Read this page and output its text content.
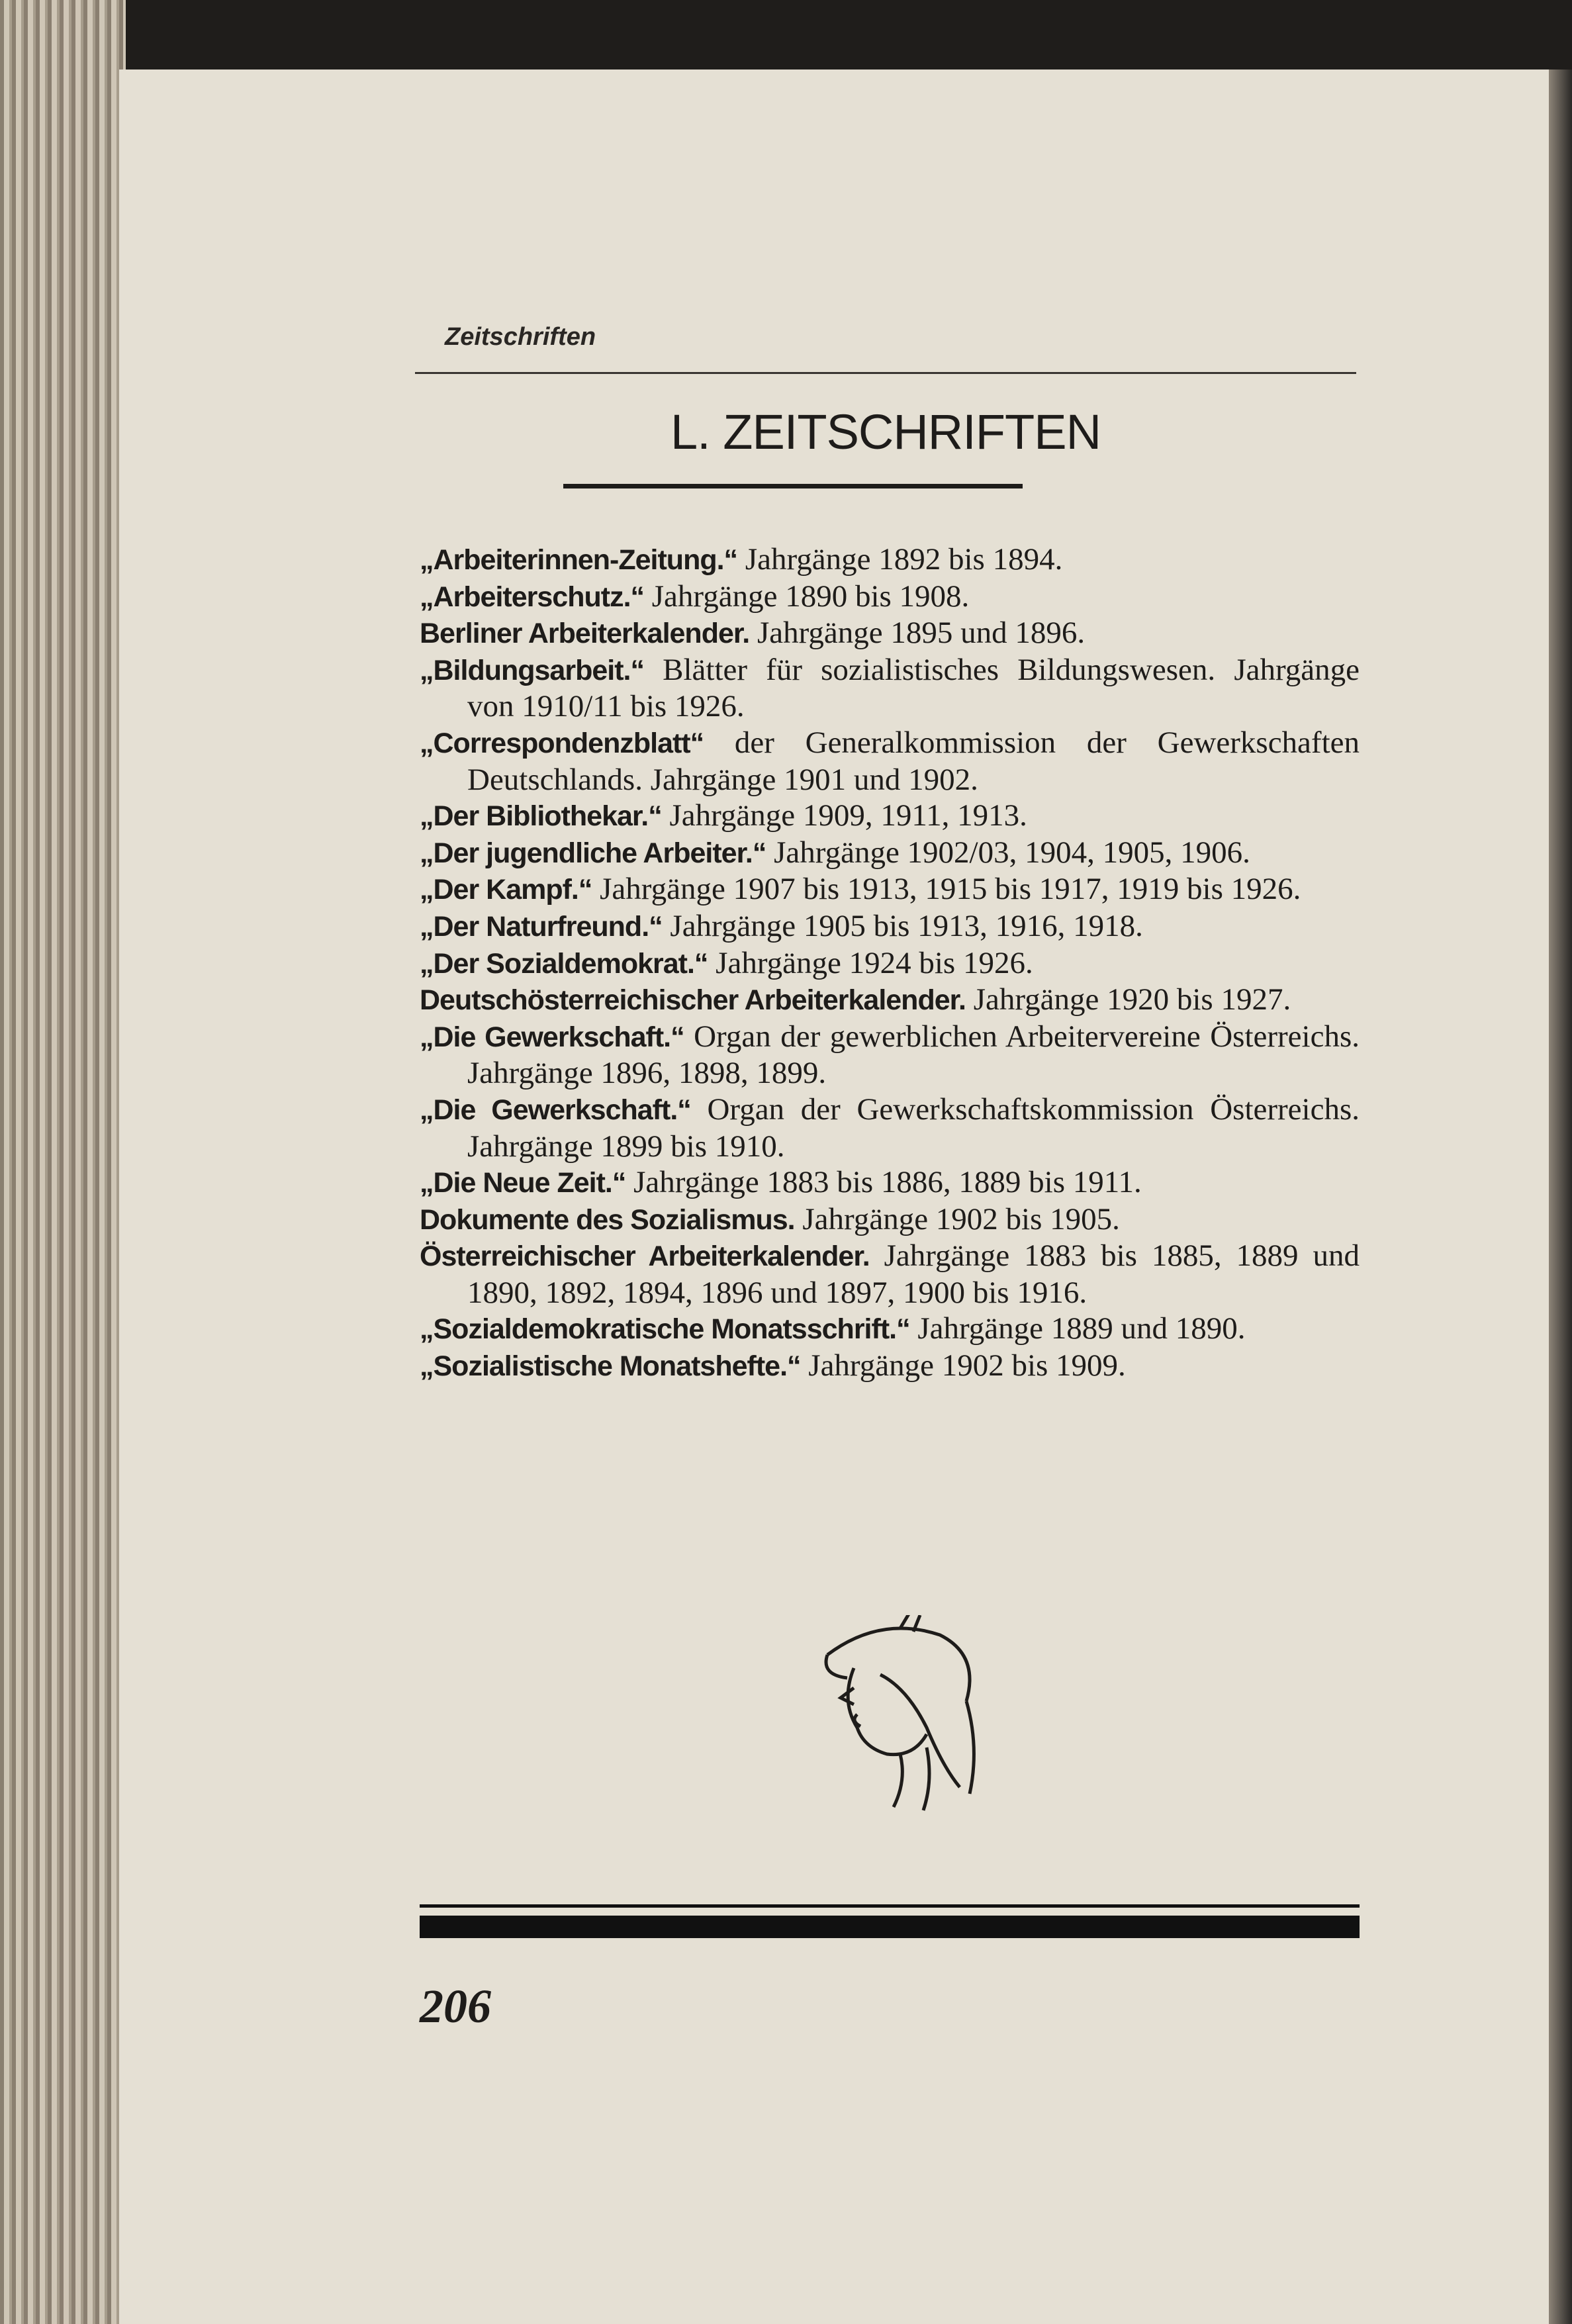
Zeitschriften
L. ZEITSCHRIFTEN
„Arbeiterinnen-Zeitung.“ Jahrgänge 1892 bis 1894.
„Arbeiterschutz.“ Jahrgänge 1890 bis 1908.
Berliner Arbeiterkalender. Jahrgänge 1895 und 1896.
„Bildungsarbeit.“ Blätter für sozialistisches Bildungswesen. Jahrgänge von 1910/11 bis 1926.
„Correspondenzblatt“ der Generalkommission der Gewerkschaften Deutschlands. Jahrgänge 1901 und 1902.
„Der Bibliothekar.“ Jahrgänge 1909, 1911, 1913.
„Der jugendliche Arbeiter.“ Jahrgänge 1902/03, 1904, 1905, 1906.
„Der Kampf.“ Jahrgänge 1907 bis 1913, 1915 bis 1917, 1919 bis 1926.
„Der Naturfreund.“ Jahrgänge 1905 bis 1913, 1916, 1918.
„Der Sozialdemokrat.“ Jahrgänge 1924 bis 1926.
Deutschösterreichischer Arbeiterkalender. Jahrgänge 1920 bis 1927.
„Die Gewerkschaft.“ Organ der gewerblichen Arbeitervereine Österreichs. Jahrgänge 1896, 1898, 1899.
„Die Gewerkschaft.“ Organ der Gewerkschaftskommission Österreichs. Jahrgänge 1899 bis 1910.
„Die Neue Zeit.“ Jahrgänge 1883 bis 1886, 1889 bis 1911.
Dokumente des Sozialismus. Jahrgänge 1902 bis 1905.
Österreichischer Arbeiterkalender. Jahrgänge 1883 bis 1885, 1889 und 1890, 1892, 1894, 1896 und 1897, 1900 bis 1916.
„Sozialdemokratische Monatsschrift.“ Jahrgänge 1889 und 1890.
„Sozialistische Monatshefte.“ Jahrgänge 1902 bis 1909.
206
